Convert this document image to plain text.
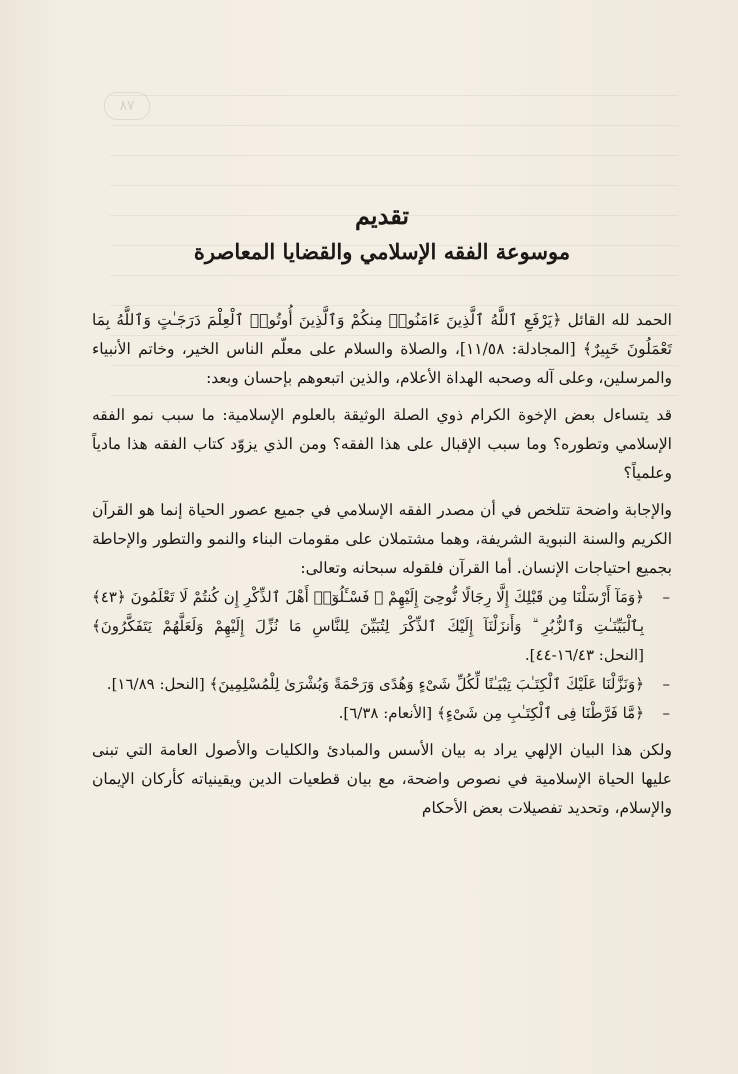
٨٧
تقديم
موسوعة الفقه الإسلامي والقضايا المعاصرة

الحمد لله القائل ﴿يَرْفَعِ ٱللَّهُ ٱلَّذِينَ ءَامَنُوا۟ مِنكُمْ وَٱلَّذِينَ أُوتُوا۟ ٱلْعِلْمَ دَرَجَـٰتٍ وَٱللَّهُ بِمَا تَعْمَلُونَ خَبِيرٌ﴾ [المجادلة: ١١/٥٨]، والصلاة والسلام على معلّم الناس الخير، وخاتم الأنبياء والمرسلين، وعلى آله وصحبه الهداة الأعلام، والذين اتبعوهم بإحسان وبعد:

قد يتساءل بعض الإخوة الكرام ذوي الصلة الوثيقة بالعلوم الإسلامية: ما سبب نمو الفقه الإسلامي وتطوره؟ وما سبب الإقبال على هذا الفقه؟ ومن الذي يزوّد كتاب الفقه هذا مادياً وعلمياً؟

والإجابة واضحة تتلخص في أن مصدر الفقه الإسلامي في جميع عصور الحياة إنما هو القرآن الكريم والسنة النبوية الشريفة، وهما مشتملان على مقومات البناء والنمو والتطور والإحاطة بجميع احتياجات الإنسان. أما القرآن فلقوله سبحانه وتعالى:

– ﴿وَمَآ أَرْسَلْنَا مِن قَبْلِكَ إِلَّا رِجَالًا نُّوحِىٓ إِلَيْهِمْ ۚ فَسْـَٔلُوٓا۟ أَهْلَ ٱلذِّكْرِ إِن كُنتُمْ لَا تَعْلَمُونَ ﴿٤٣﴾ بِٱلْبَيِّنَـٰتِ وَٱلزُّبُرِ ۗ وَأَنزَلْنَآ إِلَيْكَ ٱلذِّكْرَ لِتُبَيِّنَ لِلنَّاسِ مَا نُزِّلَ إِلَيْهِمْ وَلَعَلَّهُمْ يَتَفَكَّرُونَ﴾ [النحل: ١٦/٤٣-٤٤].

– ﴿وَنَزَّلْنَا عَلَيْكَ ٱلْكِتَـٰبَ تِبْيَـٰنًا لِّكُلِّ شَىْءٍ وَهُدًى وَرَحْمَةً وَبُشْرَىٰ لِلْمُسْلِمِينَ﴾ [النحل: ١٦/٨٩].

– ﴿مَّا فَرَّطْنَا فِى ٱلْكِتَـٰبِ مِن شَىْءٍ﴾ [الأنعام: ٦/٣٨].

ولكن هذا البيان الإلهي يراد به بيان الأسس والمبادئ والكليات والأصول العامة التي تبنى عليها الحياة الإسلامية في نصوص واضحة، مع بيان قطعيات الدين ويقينياته كأركان الإيمان والإسلام، وتحديد تفصيلات بعض الأحكام
